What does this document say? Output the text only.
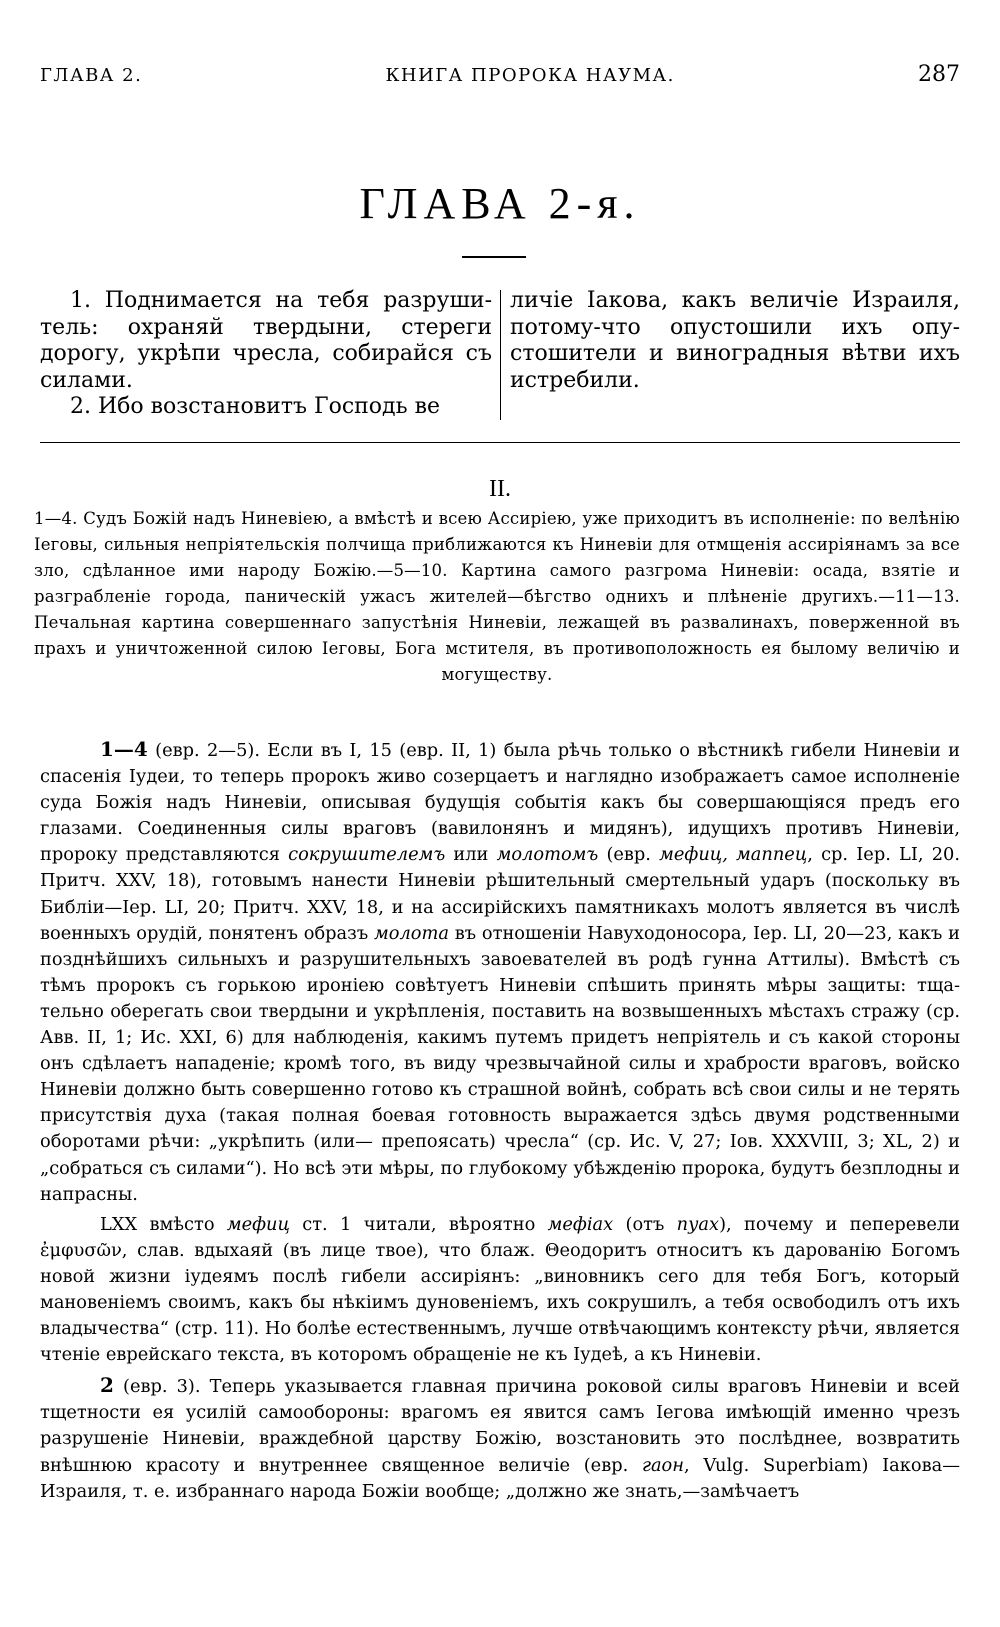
ГЛАВА 2.	КНИГА ПРОРОКА НАУМА.	287
ГЛАВА 2-я.

1. Поднимается на тебя разрушитель: охраняй твердыни, стереги дорогу, укрѣпи чресла, собирайся съ силами.

2. Ибо возстановитъ Господь ве

личіе Іакова, какъ величіе Израиля, потому-что опустошили ихъ опустошители и виноградныя вѣтви ихъ истребили.

II.

1—4. Судъ Божій надъ Ниневіею, а вмѣстѣ и всею Ассиріею, уже приходитъ въ исполненіе: по велѣнію Іеговы, сильныя непріятельскія полчища приближаются къ Ниневіи для отмщенія ассиріянамъ за все зло, сдѣланное ими народу Божію.—5—10. Картина самого разгрома Ниневіи: осада, взятіе и разграбленіе города, паническій ужасъ жителей—бѣгство однихъ и плѣненіе другихъ.—11—13. Печальная картина совершеннаго запустѣнія Ниневіи, лежащей въ развалинахъ, поверженной въ прахъ и уничтоженной силою Іеговы, Бога мстителя, въ противоположность ея былому величію и могуществу.

1—4 (евр. 2—5). Если въ I, 15 (евр. II, 1) была рѣчь только о вѣстникѣ гибели Ниневіи и спасенія Іудеи, то теперь пророкъ живо созерцаетъ и наглядно изображаетъ самое исполненіе суда Божія надъ Ниневіи, описывая будущія событія какъ бы совершающіяся предъ его глазами. Соединенныя силы враговъ (вавилонянъ и мидянъ), идущихъ противъ Ниневіи, пророку представляются сокрушителемъ или молотомъ (евр. мефиц, маппец, ср. Іер. LI, 20. Притч. XXV, 18), готовымъ нанести Ниневіи рѣшительный смертельный ударъ (поскольку въ Библіи—Іер. LI, 20; Притч. XXV, 18, и на ассирійскихъ памятникахъ молотъ является въ числѣ военныхъ орудій, понятенъ образъ молота въ отношеніи Навуходоносора, Іер. LI, 20—23, какъ и позднѣйшихъ сильныхъ и разрушительныхъ завоевателей въ родѣ гунна Аттилы). Вмѣстѣ съ тѣмъ пророкъ съ горькою ироніею совѣтуетъ Ниневіи спѣшить принять мѣры защиты: тщательно оберегать свои твердыни и укрѣпленія, поставить на возвышенныхъ мѣстахъ стражу (ср. Авв. II, 1; Ис. XXI, 6) для наблюденія, какимъ путемъ придетъ непріятель и съ какой стороны онъ сдѣлаетъ нападеніе; кромѣ того, въ виду чрезвычайной силы и храбрости враговъ, войско Ниневіи должно быть совершенно готово къ страшной войнѣ, собрать всѣ свои силы и не терять присутствія духа (такая полная боевая готовность выражается здѣсь двумя родственными оборотами рѣчи: „укрѣпить (или— препоясать) чресла“ (ср. Ис. V, 27; Іов. XXXVIII, 3; XL, 2) и „собраться съ силами“). Но всѣ эти мѣры, по глубокому убѣжденію пророка, будутъ безплодны и напрасны.

LXX вмѣсто мефиц ст. 1 читали, вѣроятно мефіах (отъ пуах), почему и пеперевели ἐμφυσῶν, слав. вдыхаяй (въ лице твое), что блаж. Θеодоритъ относитъ къ дарованію Богомъ новой жизни іудеямъ послѣ гибели ассиріянъ: „виновникъ сего для тебя Богъ, который мановеніемъ своимъ, какъ бы нѣкіимъ дуновеніемъ, ихъ сокрушилъ, а тебя освободилъ отъ ихъ владычества“ (стр. 11). Но болѣе естественнымъ, лучше отвѣчающимъ контексту рѣчи, является чтеніе еврейскаго текста, въ которомъ обращеніе не къ Іудеѣ, а къ Ниневіи.

2 (евр. 3). Теперь указывается главная причина роковой силы враговъ Ниневіи и всей тщетности ея усилій самообороны: врагомъ ея явится самъ Іегова имѣющій именно чрезъ разрушеніе Ниневіи, враждебной царству Божію, возстановить это послѣднее, возвратить внѣшнюю красоту и внутреннее священное величіе (евр. гаон, Vulg. Superbiam) Іакова—Израиля, т. е. избраннаго народа Божіи вообще; „должно же знать,—замѣчаетъ
